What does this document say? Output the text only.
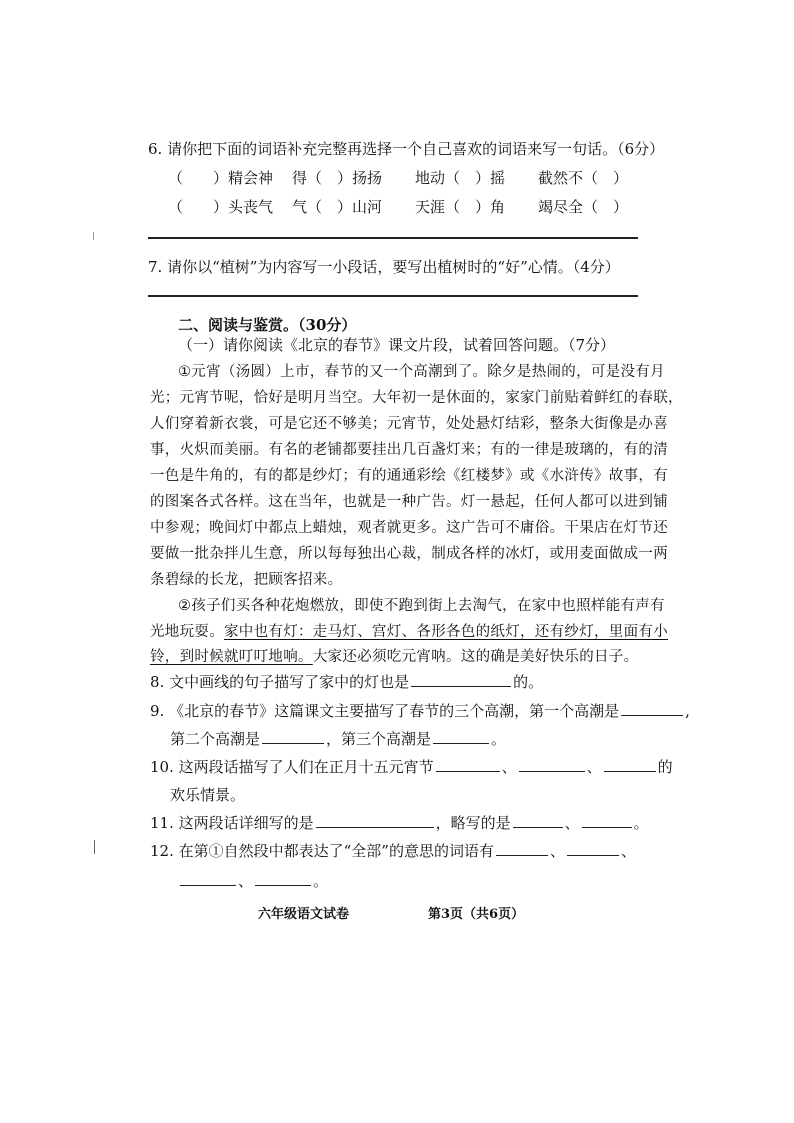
6. 请你把下面的词语补充完整再选择一个自己喜欢的词语来写一句话。（6分）
（　　）精会神 得（　）扬扬 地动（　）摇 截然不（　）
（　　）头丧气 气（　）山河 天涯（　）角 竭尽全（　）
7. 请你以“植树”为内容写一小段话，要写出植树时的“好”心情。（4分）
二、阅读与鉴赏。（30分）
（一）请你阅读《北京的春节》课文片段，试着回答问题。（7分）
①元宵（汤圆）上市，春节的又一个高潮到了。除夕是热闹的，可是没有月
光；元宵节呢，恰好是明月当空。大年初一是休面的，家家门前贴着鲜红的春联，
人们穿着新衣裳，可是它还不够美；元宵节，处处悬灯结彩，整条大街像是办喜
事，火炽而美丽。有名的老铺都要挂出几百盏灯来；有的一律是玻璃的，有的清
一色是牛角的，有的都是纱灯；有的通通彩绘《红楼梦》或《水浒传》故事，有
的图案各式各样。这在当年，也就是一种广告。灯一悬起，任何人都可以进到铺
中参观；晚间灯中都点上蜡烛，观者就更多。这广告可不庸俗。干果店在灯节还
要做一批杂拌儿生意，所以每每独出心裁，制成各样的冰灯，或用麦面做成一两
条碧绿的长龙，把顾客招来。
②孩子们买各种花炮燃放，即使不跑到街上去淘气，在家中也照样能有声有
光地玩耍。家中也有灯：走马灯、宫灯、各形各色的纸灯，还有纱灯，里面有小
铃，到时候就叮叮地响。大家还必须吃元宵呐。这的确是美好快乐的日子。
8. 文中画线的句子描写了家中的灯也是	的。
9. 《北京的春节》这篇课文主要描写了春节的三个高潮，第一个高潮是	,
第二个高潮是	，第三个高潮是	。
10. 这两段话描写了人们在正月十五元宵节	、	、	的
欢乐情景。
11. 这两段话详细写的是	，略写的是	、	。
12. 在第①自然段中都表达了“全部”的意思的词语有	、	、
、	。
六年级语文试卷	第3页（共6页）
